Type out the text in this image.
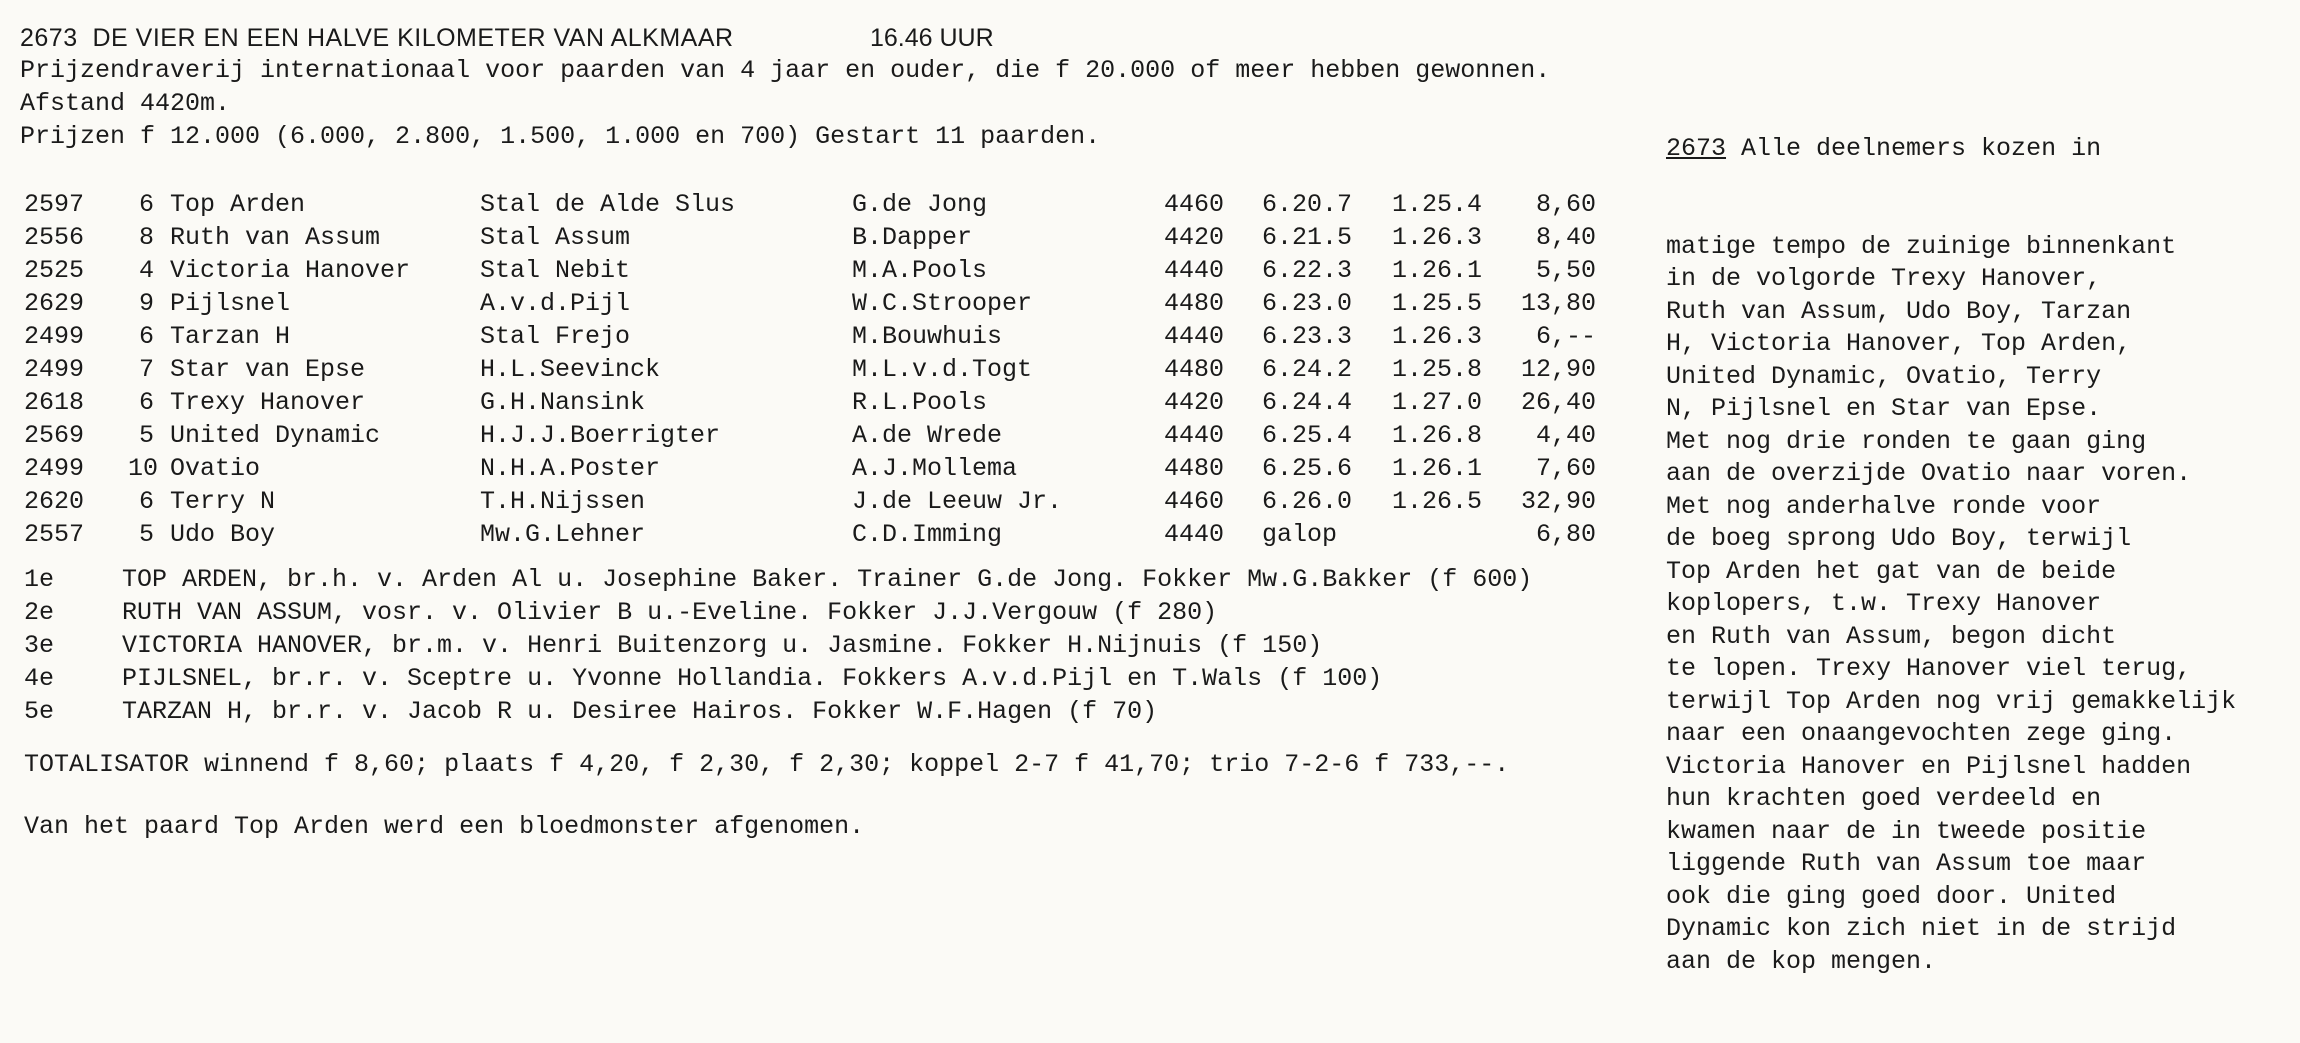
2673  DE VIER EN EEN HALVE KILOMETER VAN ALKMAAR	16.46 UUR
Prijzendraverij internationaal voor paarden van 4 jaar en ouder, die f 20.000 of meer hebben gewonnen.
Afstand 4420m.
Prijzen f 12.000 (6.000, 2.800, 1.500, 1.000 en 700) Gestart 11 paarden.
2597	6 Top Arden	Stal de Alde Slus	G.de Jong	4460 6.20.7 1.25.4	8,60
2556	8 Ruth van Assum	Stal Assum	B.Dapper	4420 6.21.5 1.26.3	8,40
2525	4 Victoria Hanover	Stal Nebit	M.A.Pools	4440 6.22.3 1.26.1	5,50
2629	9 Pijlsnel	A.v.d.Pijl	W.C.Strooper	4480 6.23.0 1.25.5	13,80
2499	6 Tarzan H	Stal Frejo	M.Bouwhuis	4440 6.23.3 1.26.3	6,--
2499	7 Star van Epse	H.L.Seevinck	M.L.v.d.Togt	4480 6.24.2 1.25.8	12,90
2618	6 Trexy Hanover	G.H.Nansink	R.L.Pools	4420 6.24.4 1.27.0	26,40
2569	5 United Dynamic	H.J.J.Boerrigter	A.de Wrede	4440 6.25.4 1.26.8	4,40
2499 10 Ovatio	N.H.A.Poster	A.J.Mollema	4480 6.25.6 1.26.1	7,60
2620	6 Terry N	T.H.Nijssen	J.de Leeuw Jr.	4460 6.26.0 1.26.5	32,90
2557	5 Udo Boy	Mw.G.Lehner	C.D.Imming	4440 galop	6,80
1e	TOP ARDEN, br.h. v. Arden Al u. Josephine Baker. Trainer G.de Jong. Fokker Mw.G.Bakker (f 600)
2e	RUTH VAN ASSUM, vosr. v. Olivier B u.-Eveline. Fokker J.J.Vergouw (f 280)
3e	VICTORIA HANOVER, br.m. v. Henri Buitenzorg u. Jasmine. Fokker H.Nijnuis (f 150)
4e	PIJLSNEL, br.r. v. Sceptre u. Yvonne Hollandia. Fokkers A.v.d.Pijl en T.Wals (f 100)
5e	TARZAN H, br.r. v. Jacob R u. Desiree Hairos. Fokker W.F.Hagen (f 70)
TOTALISATOR winnend f 8,60; plaats f 4,20, f 2,30, f 2,30; koppel 2-7 f 41,70; trio 7-2-6 f 733,--.
Van het paard Top Arden werd een bloedmonster afgenomen.

2673 Alle deelnemers kozen in

matige tempo de zuinige binnenkant
in de volgorde Trexy Hanover,
Ruth van Assum, Udo Boy, Tarzan
H, Victoria Hanover, Top Arden,
United Dynamic, Ovatio, Terry
N, Pijlsnel en Star van Epse.
Met nog drie ronden te gaan ging
aan de overzijde Ovatio naar voren.
Met nog anderhalve ronde voor
de boeg sprong Udo Boy, terwijl
Top Arden het gat van de beide
koplopers, t.w. Trexy Hanover
en Ruth van Assum, begon dicht
te lopen. Trexy Hanover viel terug,
terwijl Top Arden nog vrij gemakkelijk
naar een onaangevochten zege ging.
Victoria Hanover en Pijlsnel hadden
hun krachten goed verdeeld en
kwamen naar de in tweede positie
liggende Ruth van Assum toe maar
ook die ging goed door. United
Dynamic kon zich niet in de strijd
aan de kop mengen.
